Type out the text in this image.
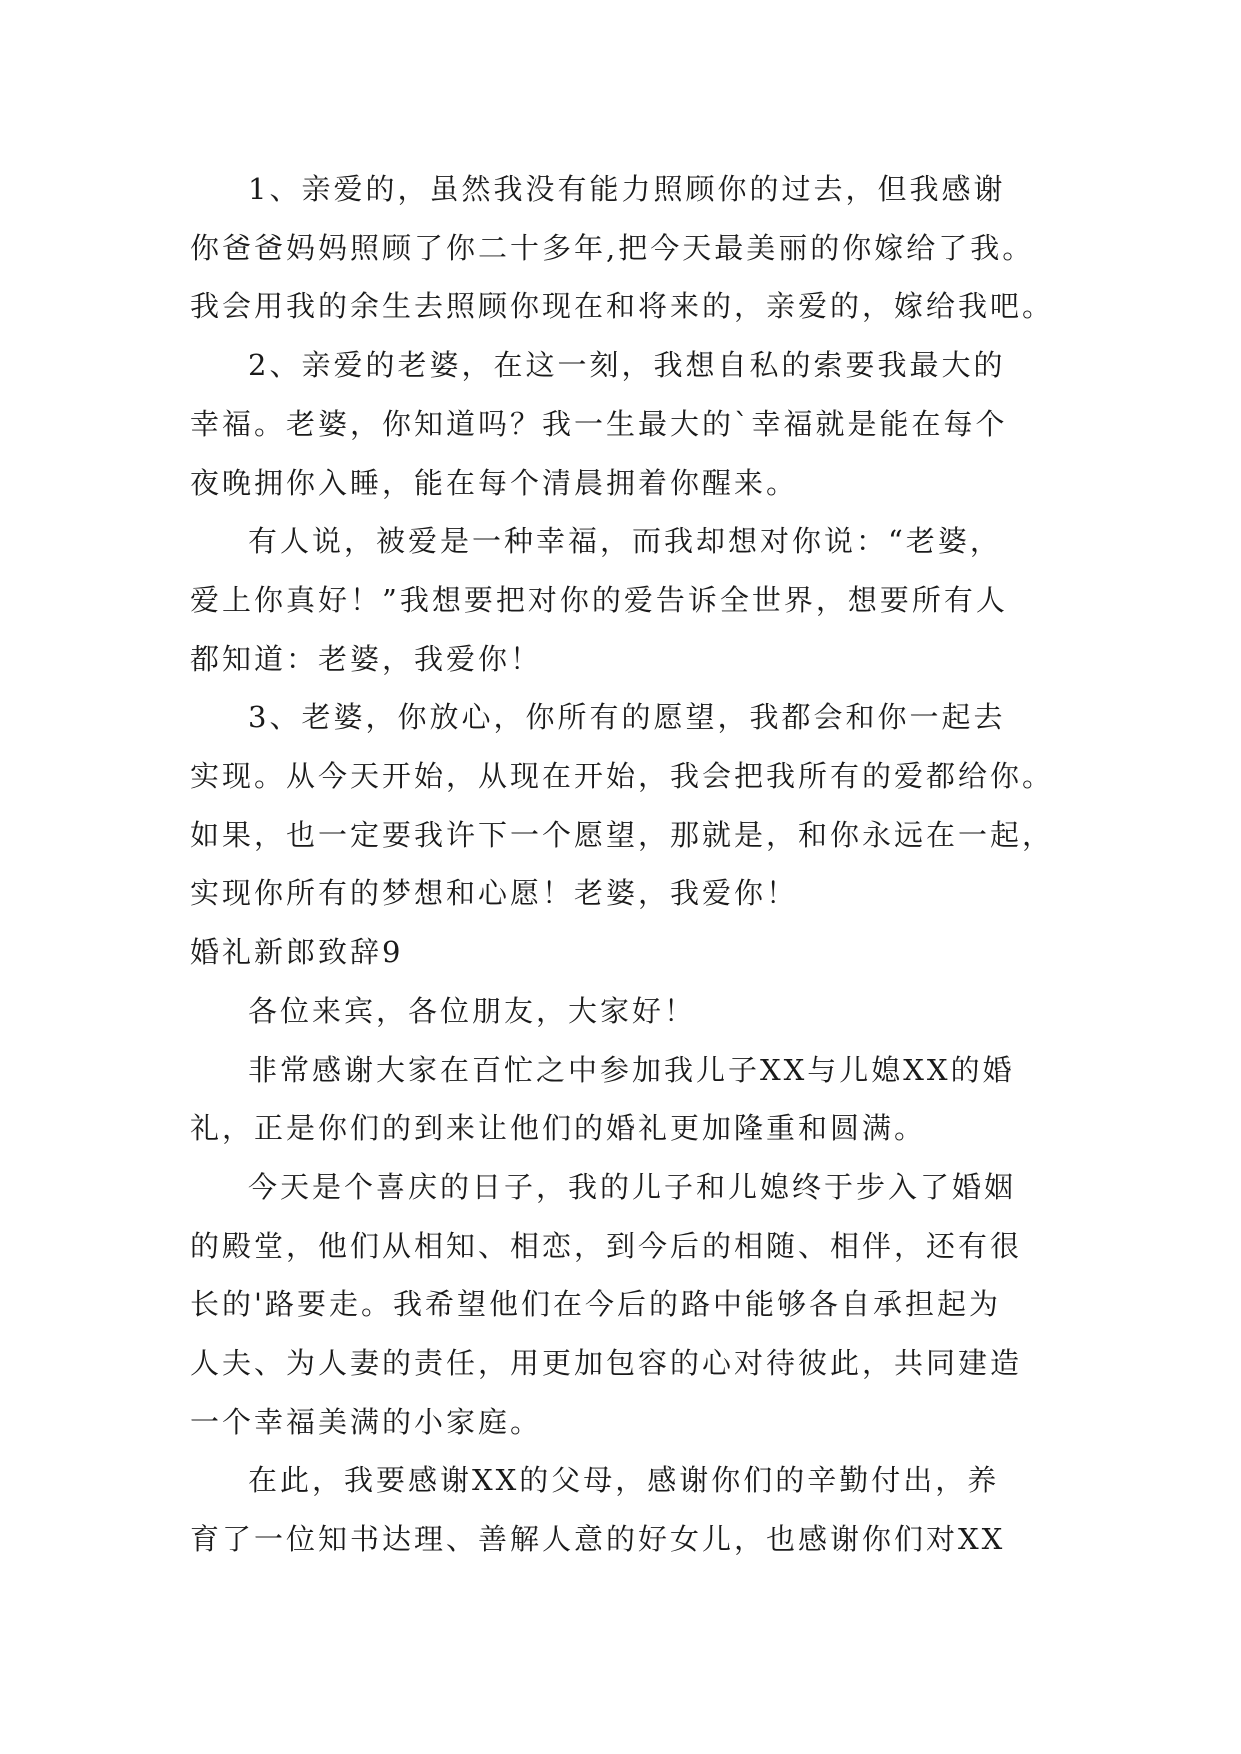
1、亲爱的，虽然我没有能力照顾你的过去，但我感谢
你爸爸妈妈照顾了你二十多年,把今天最美丽的你嫁给了我。
我会用我的余生去照顾你现在和将来的，亲爱的，嫁给我吧。

2、亲爱的老婆，在这一刻，我想自私的索要我最大的
幸福。老婆，你知道吗？我一生最大的`幸福就是能在每个
夜晚拥你入睡，能在每个清晨拥着你醒来。

有人说，被爱是一种幸福，而我却想对你说：“老婆，
爱上你真好！”我想要把对你的爱告诉全世界，想要所有人
都知道：老婆，我爱你！

3、老婆，你放心，你所有的愿望，我都会和你一起去
实现。从今天开始，从现在开始，我会把我所有的爱都给你。
如果，也一定要我许下一个愿望，那就是，和你永远在一起，
实现你所有的梦想和心愿！老婆，我爱你！

婚礼新郎致辞9

各位来宾，各位朋友，大家好！

非常感谢大家在百忙之中参加我儿子XX与儿媳XX的婚
礼，正是你们的到来让他们的婚礼更加隆重和圆满。

今天是个喜庆的日子，我的儿子和儿媳终于步入了婚姻
的殿堂，他们从相知、相恋，到今后的相随、相伴，还有很
长的'路要走。我希望他们在今后的路中能够各自承担起为
人夫、为人妻的责任，用更加包容的心对待彼此，共同建造
一个幸福美满的小家庭。

在此，我要感谢XX的父母，感谢你们的辛勤付出，养
育了一位知书达理、善解人意的好女儿，也感谢你们对XX
